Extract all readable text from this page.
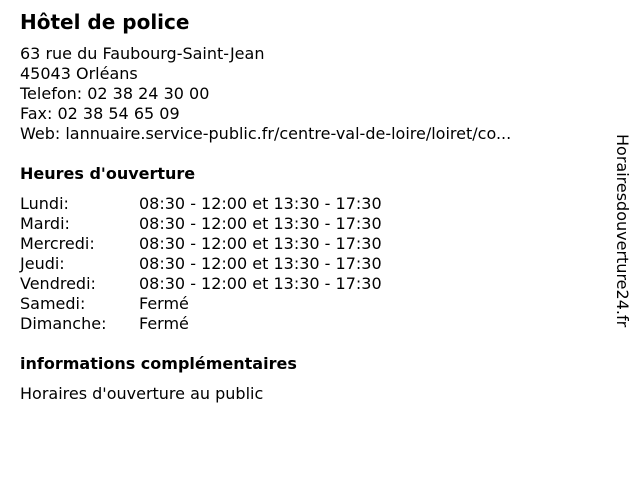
Hôtel de police
63 rue du Faubourg-Saint-Jean
45043 Orléans
Telefon: 02 38 24 30 00
Fax: 02 38 54 65 09
Web: lannuaire.service-public.fr/centre-val-de-loire/loiret/co...
Heures d'ouverture
Lundi:	08:30 - 12:00 et 13:30 - 17:30
Mardi:	08:30 - 12:00 et 13:30 - 17:30
Mercredi:	08:30 - 12:00 et 13:30 - 17:30
Jeudi:	08:30 - 12:00 et 13:30 - 17:30
Vendredi:	08:30 - 12:00 et 13:30 - 17:30
Samedi:	Fermé
Dimanche: Fermé
informations complémentaires
Horaires d'ouverture au public
Horairesdouverture24.fr
